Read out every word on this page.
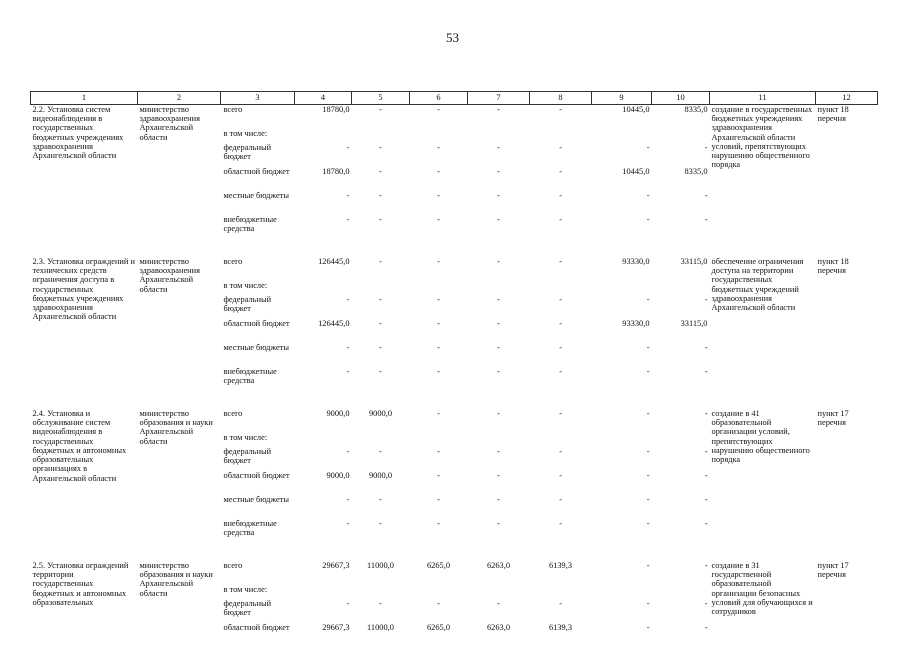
53
1	2	3	4	5	6	7	8	9	10	11	12
2.2. Установка систем видеонаблюдения в государственных бюджетных учреждениях здравоохранения Архангельской области	министерство здравоохранения Архангельской области	всего	18780,0	-	-	-	-	10445,0	8335,0	создание в государственных бюджетных учреждениях здравоохранения Архангельской области условий, препятствующих нарушению общественного порядка	пункт 18 перечня
		в том числе:									
		федеральный бюджет	-	-	-	-	-	-	-		
		областной бюджет	18780,0	-	-	-	-	10445,0	8335,0		
		местные бюджеты	-	-	-	-	-	-	-		
		внебюджетные средства	-	-	-	-	-	-	-		

2.3. Установка ограждений и технических средств ограничения доступа в государственных бюджетных учреждениях здравоохранения Архангельской области	министерство здравоохранения Архангельской области	всего	126445,0	-	-	-	-	93330,0	33115,0	обеспечение ограничения доступа на территории государственных бюджетных учреждений здравоохранения Архангельской области	пункт 18 перечня
		в том числе:									
		федеральный бюджет	-	-	-	-	-	-	-		
		областной бюджет	126445,0	-	-	-	-	93330,0	33115,0		
		местные бюджеты	-	-	-	-	-	-	-		
		внебюджетные средства	-	-	-	-	-	-	-		

2.4. Установка и обслуживание систем видеонаблюдения в государственных бюджетных и автономных образовательных организациях в Архангельской области	министерство образования и науки Архангельской области	всего	9000,0	9000,0	-	-	-	-	-	создание в 41 образовательной организации условий, препятствующих нарушению общественного порядка	пункт 17 перечня
		в том числе:									
		федеральный бюджет	-	-	-	-	-	-	-		
		областной бюджет	9000,0	9000,0	-	-	-	-	-		
		местные бюджеты	-	-	-	-	-	-	-		
		внебюджетные средства	-	-	-	-	-	-	-		

2.5. Установка ограждений территории государственных бюджетных и автономных образовательных	министерство образования и науки Архангельской области	всего	29667,3	11000,0	6265,0	6263,0	6139,3	-	-	создание в 31 государственной образовательной организации безопасных условий для обучающихся и сотрудников	пункт 17 перечня
		в том числе:									
		федеральный бюджет	-	-	-	-	-	-	-		
		областной бюджет	29667,3	11000,0	6265,0	6263,0	6139,3	-	-		
